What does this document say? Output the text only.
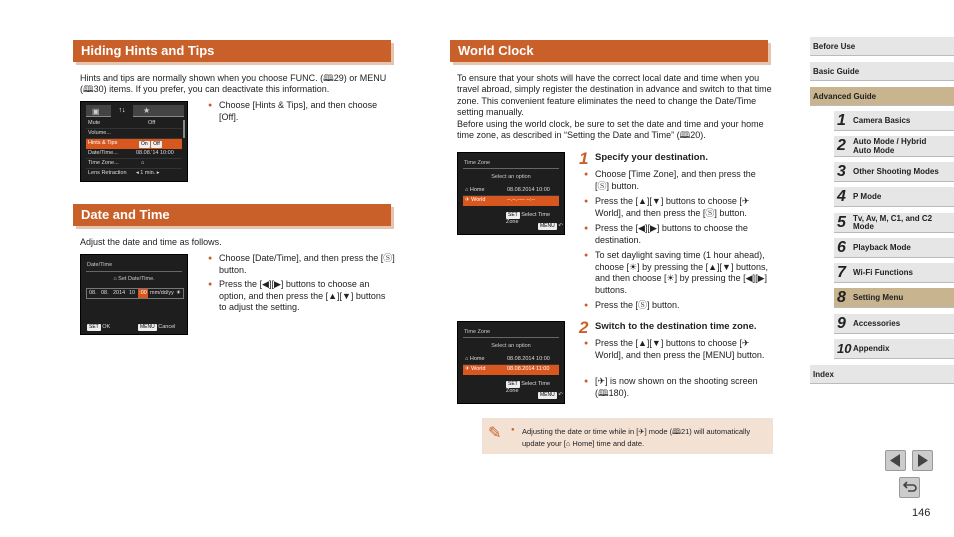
Hiding Hints and Tips
Hints and tips are normally shown when you choose FUNC. (🕮29) or MENU (🕮30) items. If you prefer, you can deactivate this information.
▣	↑↓	★
Mute	Off
Volume...
Hints & Tips	On Off
Date/Time...	08.08.'14 10:00
Time Zone...	⌂
Lens Retraction ◂ 1 min. ▸
● Choose [Hints & Tips], and then choose [Off].
Date and Time
Adjust the date and time as follows.
Date/Time
⌂ Set Date/Time.
08. 08. 2014 10 :00 mm/dd/yy ☀
SET OK	MENU Cancel
● Choose [Date/Time], and then press the [Ⓢ] button.
● Press the [◀][▶] buttons to choose an option, and then press the [▲][▼] buttons to adjust the setting.
World Clock
To ensure that your shots will have the correct local date and time when you travel abroad, simply register the destination in advance and switch to that time zone. This convenient feature eliminates the need to change the Date/Time setting manually.
Before using the world clock, be sure to set the date and time and your home time zone, as described in “Setting the Date and Time” (🕮20).
Time Zone
Select an option
⌂ Home	08.08.2014 10:00
✈ World	--.--.---- --:--
SET Select Time Zone
MENU ↶
1 Specify your destination.
● Choose [Time Zone], and then press the [Ⓢ] button.
● Press the [▲][▼] buttons to choose [✈ World], and then press the [Ⓢ] button.
● Press the [◀][▶] buttons to choose the destination.
● To set daylight saving time (1 hour ahead), choose [☀] by pressing the [▲][▼] buttons, and then choose [☀] by pressing the [◀][▶] buttons.
● Press the [Ⓢ] button.
Time Zone
Select an option
⌂ Home	08.08.2014 10:00
✈ World	08.08.2014 11:00
SET Select Time Zone
MENU ↶
2 Switch to the destination time zone.
● Press the [▲][▼] buttons to choose [✈ World], and then press the [MENU] button.
● [✈] is now shown on the shooting screen (🕮180).
✎ ● Adjusting the date or time while in [✈] mode (🕮21) will automatically update your [⌂ Home] time and date.
Before Use
Basic Guide
Advanced Guide
1 Camera Basics
2 Auto Mode / Hybrid Auto Mode
3 Other Shooting Modes
4 P Mode
5 Tv, Av, M, C1, and C2 Mode
6 Playback Mode
7 Wi-Fi Functions
8 Setting Menu
9 Accessories
10 Appendix
Index
146
